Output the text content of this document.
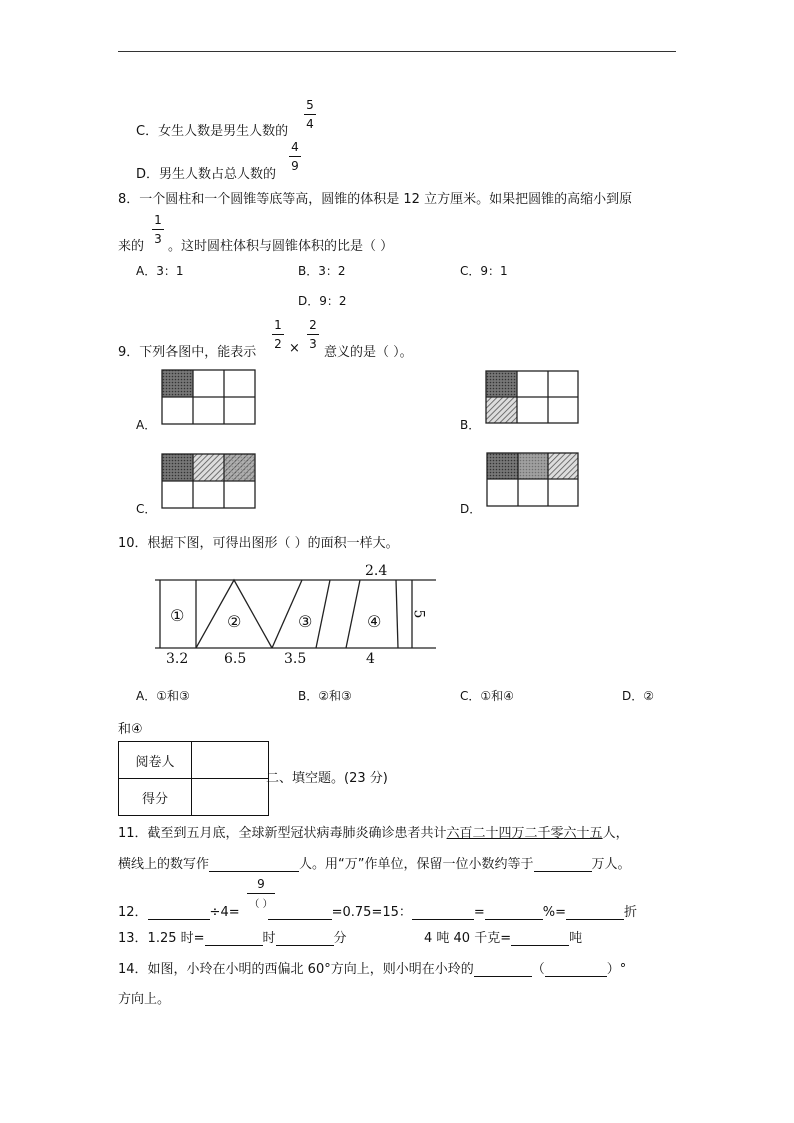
C．女生人数是男生人数的
5
4
D．男生人数占总人数的
4
9
8．一个圆柱和一个圆锥等底等高，圆锥的体积是 12 立方厘米。如果把圆锥的高缩小到原
来的
1
3 。这时圆柱体积与圆锥体积的比是（ ）
A．3：1	B．3：2	C．9：1
D．9：2
9．下列各图中，能表示
1
2 ×
2
3
意义的是（ ）。
A．	B．
C．	D．
10．根据下图，可得出图形（ ）的面积一样大。
2.4
5
①	②	③	④
3.2	6.5	3.5	4
A．①和③	B．②和③	C．①和④	D．②
和④
阅卷人	
得分	
二、填空题。(23 分)
11．截至到五月底，全球新型冠状病毒肺炎确诊患者共计六百二十四万二千零六十五人，
横线上的数写作	人。用“万”作单位，保留一位小数约等于	万人。
12．	÷4=	=0.75=15：	=	%=	折
9
（ ）
13．1.25 时=	时	分	4 吨 40 千克=	吨
14．如图，小玲在小明的西偏北 60°方向上，则小明在小玲的	（	）°
方向上。
